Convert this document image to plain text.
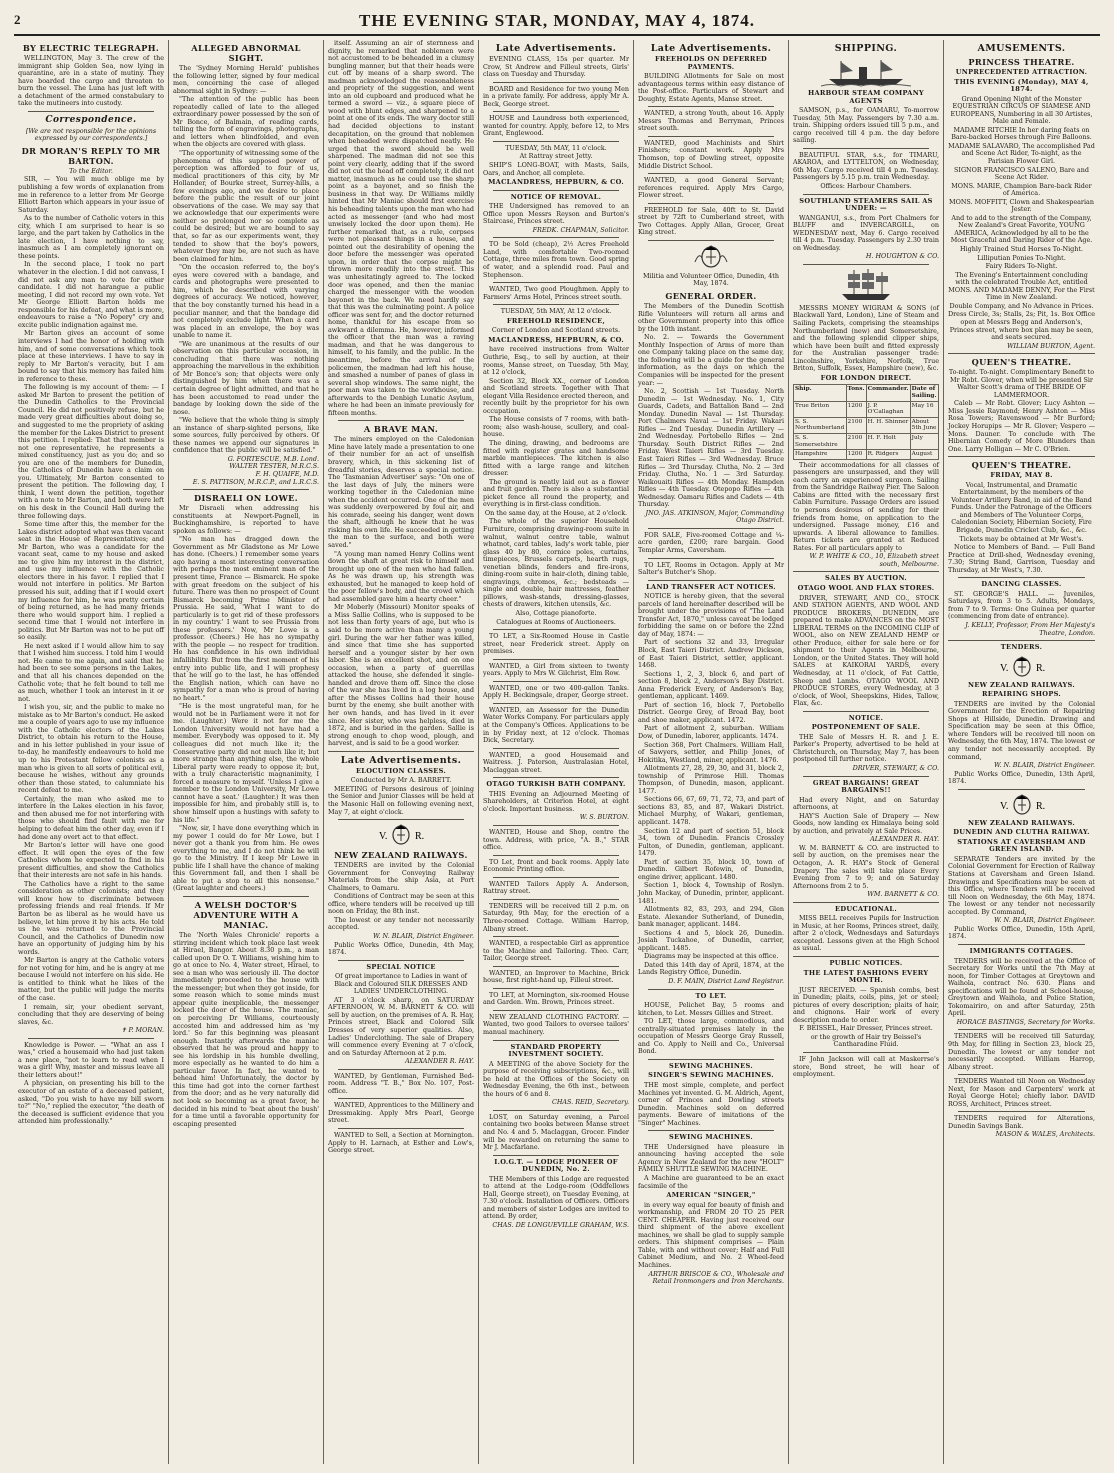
2	THE EVENING STAR, MONDAY, MAY 4, 1874.
BY ELECTRIC TELEGRAPH.

WELLINGTON, May 3. The crew of the immigrant ship Golden Sea, now lying in quarantine, are in a state of mutiny. They have boarded the cargo and threaten to burn the vessel. The Luna has just left with a detachment of the armed constabulary to take the mutineers into custody.

Correspondence.

[We are not responsible for the opinions expressed by our correspondents.]

DR MORAN'S REPLY TO MR BARTON.

To the Editor.

SIR, — You will much oblige me by publishing a few words of explanation from me in reference to a letter from Mr George Elliott Barton which appears in your issue of Saturday.

As to the number of Catholic voters in this city, which I am surprised to hear is so large, and the part taken by Catholics in the late election, I have nothing to say, inasmuch as I am completely ignorant on these points.

In the second place, I took no part whatever in the election. I did not canvass, I did not ask any man to vote for either candidate. I did not harangue a public meeting, I did not record my own vote. Yet Mr George Elliott Barton holds me responsible for his defeat, and what is more, endeavours to raise a "No Popery" cry and excite public indignation against me.

Mr Barton gives an account of some interviews I had the honor of holding with him, and of some conversations which took place at these interviews. I have to say in reply to Mr Barton's veracity, but I am bound to say that his memory has failed him in reference to these.

The following is my account of them: — I asked Mr Barton to present the petition of the Dunedin Catholics to the Provincial Council. He did not positively refuse, but he made very great difficulties about doing so, and suggested to me the propriety of asking the member for the Lakes District to present this petition. I replied: That that member is not one representative, he represents a mixed constituency, just as you do; and so you are one of the members for Dunedin, the Catholics of Dunedin have a claim on you. Ultimately, Mr Barton consented to present the petition. The following day, I think, I went down the petition, together with a note to Mr Barton, and both were left on his desk in the Council Hall during the three following days.

Some time after this, the member for the Lakes district adopted what was then vacant seat in the House of Representatives; and Mr Barton, who was a candidate for the vacant seat, came to my house and asked me to give him my interest in the district, and use my influence with the Catholic electors there in his favor. I replied that I would not interfere in politics. Mr Barton pressed his suit, adding that if I would exert my influence for him, he was pretty certain of being returned, as he had many friends there who would support him. I replied a second time that I would not interfere in politics. But Mr Barton was not to be put off so easily.

He next asked if I would allow him to say that I wished him success. I told him I would not. He came to me again, and said that he had been to see some persons in the Lakes, and that all his chances depended on the Catholic vote; that he felt bound to tell me as much, whether I took an interest in it or not.

I wish you, sir, and the public to make no mistake as to Mr Barton's conduct. He asked me a couple of years ago to use my influence with the Catholic electors of the Lakes District, to obtain his return to the House, and in his letter published in your issue of to-day, he manifestly endeavours to hold me up to his Protestant fellow colonists as a man who is given to all sorts of political evil, because he wishes, without any grounds other than those stated, to calumniate his recent defeat to me.

Certainly, the man who asked me to interfere in the Lakes election in his favor, and then abused me for not interfering with those who should find fault with me for helping to defeat him the other day, even if I had done any overt act to that effect.

Mr Barton's letter will have one good effect. It will open the eyes of the few Catholics whom he expected to find in his present difficulties, and show the Catholics that their interests are not safe in his hands.

The Catholics have a right to the same consideration as other colonists; and they will know how to discriminate between professing friends and real friends. If Mr Barton be as liberal as he would have us believe, let him prove it by his acts. He told us he was returned to the Provincial Council, and the Catholics of Dunedin now have an opportunity of judging him by his words.

Mr Barton is angry at the Catholic voters for not voting for him, and he is angry at me because I would not interfere on his side. He is entitled to think what he likes of the matter, but the public will judge the merits of the case.

I remain, sir, your obedient servant, concluding that they are deserving of being slaves, &c.

✝ P. MORAN.

Knowledge is Power. — "What an ass I was," cried a housemaid who had just taken a new place, "not to learn to read when I was a girl! Why, master and missus leave all their letters about!"

A physician, on presenting his bill to the executor of an estate of a deceased patient, asked, "Do you wish to have my bill sworn to?" "No," replied the executor, "the death of the deceased is sufficient evidence that you attended him professionally."

ALLEGED ABNORMAL SIGHT.

The 'Sydney Morning Herald' publishes the following letter, signed by four medical men, concerning the case of alleged abnormal sight in Sydney: —

"The attention of the public has been repeatedly called of late to the alleged extraordinary power possessed by the son of Mr Bonce, of Balmain, of reading cards, telling the form of engravings, photographs, and letters when blindfolded, and even when the objects are covered with glass.

"The opportunity of witnessing some of the phenomena of this supposed power of perception was afforded to four of us, medical practitioners of this city, by Mr Hollander, of Bourke street, Surrey-hills, a few evenings ago, and we desire to place before the public the result of our joint observations of the case. We may say that we acknowledge that our experiments were neither so prolonged nor so complete as could be desired; but we are bound to say that, so far as our experiments went, they tended to show that the boy's powers, whatever they may be, are not such as have been claimed for him.

"On the occasion referred to, the boy's eyes were covered with a bandage, and cards and photographs were presented to him, which he described with varying degrees of accuracy. We noticed, however, that the boy constantly turned his head in a peculiar manner, and that the bandage did not completely exclude light. When a card was placed in an envelope, the boy was unable to name it.

"We are unanimous at the results of our observation on this particular occasion, in concluding that there was nothing approaching the marvellous in the exhibition of Mr Bonce's son; that objects were only distinguished by him when there was a certain degree of light admitted, and that he has been accustomed to read under the bandage by looking down the side of the nose.

"We believe that the whole thing is simply an instance of sharp-sighted persons, like some sources, fully perceived by others. Of these names we append our signatures in confidence that the public will be satisfied."

G. FORTESCUE, M.B. Lond.
WALTER TESTER, M.R.C.S.
F. H. QUAIFE, M.D.
E. S. PATTISON, M.R.C.P., and L.R.C.S.

DISRAELI ON LOWE.

Mr Disraeli when addressing his constituents at Newport-Pagnell, in Buckinghamshire, is reported to have spoken as follows: —

"No man has dragged down the Government as Mr Gladstone as Mr Lowe has done. (Cheers.) I remember some years ago having a most interesting conversation with perhaps the most eminent man of the present time, France — Bismarck. He spoke with great freedom on the subject of his future. There was then no prospect of Count Bismarck becoming Prime Minister of Prussia. He said, 'What I want to do particularly is to get rid of these professors in my country.' I want to see Prussia from these professors.' Now, Mr Lowe is a professor. (Cheers.) He has no sympathy with the people — no respect for tradition. He has confidence in his own individual infallibility. But from the first moment of his entry into public life, and I will prophesy that he will go to the last, he has offended the English nation, which can have no sympathy for a man who is proud of having no heart."

"He is the most ungrateful man, for he would not be in Parliament were it not for me. (Laughter.) Were it not for me the London University would not have had a member. Everybody was opposed to it. My colleagues did not much like it; the Conservative party did not much like it; but more strange than anything else, the whole Liberal party were ready to oppose it; but, with a truly characteristic magnanimity, I forced a measure to myself. 'Unless I give a member to the London University, Mr Lowe cannot have a seat.' (Laughter.) It was then impossible for him, and probably still is, to show himself upon a hustings with safety to his life."

"Now, sir, I have done everything which in my power I could do for Mr Lowe, but I never got a thank you from him. He owes everything to me, and I do not think he will go to the Ministry. If I keep Mr Lowe in public life I shall have the chance of making this Government fall, and then I shall be able to put a stop to all this nonsense." (Great laughter and cheers.)

A WELSH DOCTOR'S ADVENTURE WITH A MANIAC.

The 'North Wales Chronicle' reports a stirring incident which took place last week at Hirael, Bangor. About 8.30 p.m., a man called upon Dr O. T. Williams, wishing him to go at once to No. 4, Water street, Hirael, to see a man who was seriously ill. The doctor immediately proceeded to the house with the messenger; but when they got inside, for some reason which to some minds must appear quite inexplicable, the messenger locked the door of the house. The maniac, on perceiving Dr Williams, courteously accosted him and addressed him as 'my lord.' So far this beginning was pleasant enough. Instantly afterwards the maniac observed that he was proud and happy to see his lordship in his humble dwelling, more especially as he wanted to do him a particular favor. In fact, he wanted to behead him! Unfortunately, the doctor by this time had got into the corner farthest from the door; and as he very naturally did not look so becoming as a great favor, he decided in his mind to 'beat about the bush' for a time until a favorable opportunity for escaping presented

itself. Assuming an air of sternness and dignity, he remarked that noblemen were not accustomed to be beheaded in a clumsy bungling manner, but that their heads were cut off by means of a sharp sword. The madman acknowledged the reasonableness and propriety of the suggestion, and went into an old cupboard and produced what he termed a sword — viz., a square piece of wood with blunt edges, and sharpened to a point at one of its ends. The wary doctor still had decided objections to instant decapitation, on the ground that noblemen when beheaded were dispatched neatly. He urged that the sword should be well sharpened. The madman did not see this point very clearly, adding that if the sword did not cut the head off completely, it did not matter, inasmuch as he could use the sharp point as a bayonet, and so finish the business in that way. Dr Williams mildly hinted that Mr Maniac should first exercise his beheading talents upon the man who had acted as messenger (and who had most unwisely locked the door upon them). He further remarked that, as a rule, corpses were not pleasant things in a house, and pointed out the desirability of opening the door before the messenger was operated upon, in order that the corpse might be thrown more readily into the street. This was unhesitatingly agreed to. The locked door was opened, and then the maniac charged the messenger with the wooden bayonet in the back. We need hardly say that this was the culminating point. A police officer was sent for, and the doctor returned home, thankful for his escape from so awkward a dilemma. He, however, informed the officer that the man was a raving madman, and that he was dangerous to himself, to his family, and the public. In the meantime, before the arrival of the policemen, the madman had left his house, and smashed a number of panes of glass in several shop windows. The same night, the poor man was taken to the workhouse, and afterwards to the Denbigh Lunatic Asylum, where he had been an inmate previously for fifteen months.

A BRAVE MAN.

The miners employed on the Caledonian Mine have lately made a presentation to one of their number for an act of unselfish bravery, which, in this sickening list of dreadful stories, deserves a special notice. The 'Tasmanian Advertiser' says: "On one of the last days of July, the miners were working together in the Caledonian mine when the accident occurred. One of the men was suddenly overpowered by foul air, and his comrade, seeing his danger, went down the shaft, although he knew that he was risking his own life. He succeeded in getting the man to the surface, and both were saved."

"A young man named Henry Collins went down the shaft at great risk to himself and brought up one of the men who had fallen. As he was drawn up, his strength was exhausted, but he managed to keep hold of the poor fellow's body, and the crowd which had assembled gave him a hearty cheer."

Mr Moberly (Missouri) Monitor speaks of a Miss Sallie Collins, who is supposed to be not less than forty years of age, but who is said to be more active than many a young girl. During the war her father was killed, and since that time she has supported herself and a younger sister by her own labor. She is an excellent shot, and on one occasion, when a party of guerrillas attacked the house, she defended it single-handed and drove them off. Since the close of the war she has lived in a log house, and after the Misses Collins had their house burnt by the enemy, she built another with her own hands, and has lived in it ever since. Her sister, who was helpless, died in 1872, and is buried in the garden. Sallie is strong enough to chop wood, plough, and harvest, and is said to be a good worker.

Late Advertisements.
ELOCUTION CLASSES.

Conducted by Mr A. BARRETT.

MEETING of Persons desirous of joining the Senior and Junior Classes will be held at the Masonic Hall on following evening next, May 7, at eight o'clock.

V.	R.
NEW ZEALAND RAILWAYS.

TENDERS are invited by the Colonial Government for Conveying Railway Materials from the ship Asia, at Port Chalmers, to Oamaru.

Conditions of Contract may be seen at this office, where tenders will be received up till noon on Friday, the 8th inst.

The lowest or any tender not necessarily accepted.

W. N. BLAIR, District Engineer.

Public Works Office, Dunedin, 4th May, 1874.

SPECIAL NOTICE

Of great importance to Ladies in want of Black and Coloured SILK DRESSES AND LADIES' UNDERCLOTHING.

AT 3 o'clock sharp, on SATURDAY AFTERNOON, W. M. BARNETT & CO. will sell by auction, on the premises of A. R. Hay, Princes street, Black and Colored Silk Dresses of very superior qualities. Also, Ladies' Underclothing. The sale of Drapery will commence every Evening at 7 o'clock, and on Saturday Afternoon at 2 p.m.

ALEXANDER R. HAY.

WANTED, by Gentleman, Furnished Bed-room. Address "T. B.," Box No. 107, Post-office.

WANTED, Apprentices to the Millinery and Dressmaking. Apply Mrs Pearl, George street.

WANTED to Sell, a Section at Mornington. Apply to H. Larnach, at Esther and Low's, George street.

Late Advertisements.

EVENING CLASS, 15s per quarter. Mr Crow, St Andrew and Filleul streets, Girls' class on Tuesday and Thursday.

BOARD and Residence for two young Men in a private family. For address, apply Mr A. Beck, George street.

HOUSE and Laundress both experienced, wanted for country. Apply, before 12, to Mrs Grant, Englewood.

TUESDAY, 5th MAY, 11 o'clock.

At Rattray street Jetty.

SHIP'S LONG-BOAT, with Masts, Sails, Oars, and Anchor, all complete.

MACLANDRESS, HEPBURN, & CO.
NOTICE OF REMOVAL.

THE Undersigned has removed to an Office upon Messrs Reyson and Burton's Staircase, Princes street.

FREDK. CHAPMAN, Solicitor.

TO be Sold (cheap), 2½ Acres Freehold Land, with comfortable Two-roomed Cottage, three miles from town. Good spring of water, and a splendid road. Paul and Stephenson.

WANTED, Two good Ploughmen. Apply to Farmers' Arms Hotel, Princes street south.

TUESDAY, 5th MAY, At 12 o'clock.

FREEHOLD RESIDENCE,

Corner of London and Scotland streets.

MACLANDRESS, HEPBURN, & CO.

have received instructions from Walter Guthrie, Esq., to sell by auction, at their rooms, Manse street, on Tuesday, 5th May, at 12 o'clock,

Section 32, Block XX., corner of London and Scotland streets. Together with That elegant Villa Residence erected thereon, and recently built by the proprietor for his own occupation.

The House consists of 7 rooms, with bath-room; also wash-house, scullery, and coal-house.

The dining, drawing, and bedrooms are fitted with register grates and handsome marble mantlepieces. The kitchen is also fitted with a large range and kitchen dresser.

The ground is neatly laid out as a flower and fruit garden. There is also a substantial picket fence all round the property, and everything is in first-class condition.

On the same day, at the House, at 2 o'clock.

The whole of the superior Household Furniture, comprising drawing-room suite in walnut, walnut centre table, walnut whatnot, card tables, lady's work table, pier glass 40 by 80, cornice poles, curtains, timepieces, Brussels carpets, hearth rugs, venetian blinds, fenders and fire-irons, dining-room suite in hair-cloth, dining table, engravings, chromos, &c.; bedsteads — single and double, hair mattresses, feather pillows, wash-stands, dressing-glasses, chests of drawers, kitchen utensils, &c.

Also, Cottage pianoforte.

Catalogues at Rooms of Auctioneers.

TO LET, a Six-Roomed House in Castle street, near Frederick street. Apply on premises.

WANTED, a Girl from sixteen to twenty years. Apply to Mrs W. Gilchrist, Elm Row.

WANTED, one or two 400-gallon Tanks. Apply H. Beckingsale, draper, George street.

WANTED, an Assessor for the Dunedin Water Works Company. For particulars apply at the Company's Offices. Applications to be in by Friday next, at 12 o'clock. Thomas Dick, Secretary.

WANTED, a good Housemaid and Waitress. J. Paterson, Australasian Hotel, Maclaggan street.

OTAGO TURKISH BATH COMPANY.

THIS Evening an Adjourned Meeting of Shareholders, at Criterion Hotel, at eight o'clock. Important business.

W. S. BURTON.

WANTED, House and Shop, centre the town. Address, with price, "A. B.," STAR office.

TO Let, front and back rooms. Apply late Economic Printing office.

WANTED Tailors Apply A. Anderson, Rattray street.

TENDERS will be received till 2 p.m. on Saturday, 9th May, for the erection of a Three-roomed Cottage. William Harrop, Albany street.

WANTED, a respectable Girl as apprentice to the Machine and Tailoring. Theo. Carr, Tailor, George street.

WANTED, an Improver to Machine, Brick house, first right-hand up, Filleul street.

TO LET, at Mornington, six-roomed House and Garden. Wm. Brown, Princes street.

NEW ZEALAND CLOTHING FACTORY. — Wanted, two good Tailors to oversee tailors' manual machinery.

STANDARD PROPERTY INVESTMENT SOCIETY.

A MEETING of the above Society for the purpose of receiving subscriptions, &c., will be held at the Offices of the Society on Wednesday Evening, the 6th inst., between the hours of 6 and 8.

CHAS. REID, Secretary.

LOST, on Saturday evening, a Parcel containing two books between Manse street and No. 4 and 5. Maclaggan, Grocer. Finder will be rewarded on returning the same to Mr J. Macfarlane.

I.O.G.T. — LODGE PIONEER OF DUNEDIN, No. 2.

THE Members of this Lodge are requested to attend at the Lodge-room (Oddfellows Hall, George street), on Tuesday Evening, at 7.30 o'clock. Installation of Officers. Officers and members of sister Lodges are invited to attend. By order,

CHAS. DE LONGUEVILLE GRAHAM, W.S.

Late Advertisements.
FREEHOLDS ON DEFERRED PAYMENTS.

BUILDING Allotments for Sale on most advantageous terms within easy distance of the Post-office. Particulars of Stewart and Doughty, Estate Agents, Manse street.

WANTED, a strong Youth, about 16. Apply Messrs Thomas and Berryman, Princes street south.

WANTED, good Machinists and Shirt Finishers; constant work. Apply Mrs Thomson, top of Dowling street, opposite Middle District School.

WANTED, a good General Servant; references required. Apply Mrs Cargo, Flower street.

FREEHOLD for Sale, 40ft to St. David street by 72ft to Cumberland street, with Two Cottages. Apply Allan, Grocer, Great King street.

Militia and Volunteer Office, Dunedin, 4th May, 1874.

GENERAL ORDER.

The Members of the Dunedin Scottish Rifle Volunteers will return all arms and other Government property into this office by the 10th instant.

No. 2. — Towards the Government Monthly Inspection of Arms of more than one Company taking place on the same day, the following will be a guide for the general information, as the days on which the Companies will be inspected for the present year: —

No. 2, Scottish — 1st Tuesday. North Dunedin — 1st Wednesday. No. 1, City Guards, Cadets, and Battalion Band — 2nd Monday. Dunedin Naval — 1st Thursday. Port Chalmers Naval — 1st Friday. Wakari Rifles — 2nd Tuesday. Dunedin Artillery — 2nd Wednesday. Portobello Rifles — 2nd Thursday. South District Rifles — 2nd Friday. West Taieri Rifles — 3rd Tuesday. East Taieri Rifles — 3rd Wednesday. Bruce Rifles — 3rd Thursday. Clutha, No. 2 — 3rd Friday. Clutha, No. 1 — 3rd Saturday. Waikouaiti Rifles — 4th Monday. Hampden Rifles — 4th Tuesday. Otepopo Rifles — 4th Wednesday. Oamaru Rifles and Cadets — 4th Thursday.

JNO. JAS. ATKINSON, Major, Commanding Otago District.

FOR SALE, Five-roomed Cottage and ¼-acre garden, £200; rare bargain. Good Templar Arms, Caversham.

TO LET, Rooms in Octagon. Apply at Mr Salter's Butcher's Shop.

LAND TRANSFER ACT NOTICES.

NOTICE is hereby given, that the several parcels of land hereinafter described will be brought under the provisions of "The Land Transfer Act, 1870," unless caveat be lodged forbidding the same on or before the 22nd day of May, 1874: —

Part of sections 32 and 33, Irregular Block, East Taieri District. Andrew Dickson, of East Taieri District, settler, applicant. 1468.

Sections 1, 2, 3, block 6, and part of section 8, block 2, Anderson's Bay District. Anna Frederick Every, of Anderson's Bay, gentleman, applicant. 1469.

Part of section 16, block 7, Portobello District. George Grey, of Broad Bay, boot and shoe maker, applicant. 1472.

Part of allotment 2, suburban. William Dow, of Dunedin, laborer, applicants. 1474.

Section 368, Port Chalmers. William Hall, of Sawyers, settler, and Philip Jones, of Hokitika, Westland, miner, applicant. 1476.

Allotments 27, 28, 29, 30, and 31, block 2, township of Primrose Hill. Thomas Thompson, of Dunedin, mason, applicant. 1477.

Sections 66, 67, 69, 71, 72, 73, and part of sections 83, 85, and 87, Wakari District. Michael Murphy, of Wakari, gentleman, applicant. 1478.

Section 12 and part of section 51, block 34, town of Dunedin. Francis Crossley Fulton, of Dunedin, gentleman, applicant. 1479.

Part of section 35, block 10, town of Dunedin. Gilbert Rofewin, of Dunedin, engine driver, applicant. 1480.

Section 1, block 4, Township of Roslyn. John Mackay, of Dunedin, printer, applicant. 1481.

Allotments 82, 83, 293, and 294, Glen Estate. Alexander Sutherland, of Dunedin, bank manager, applicant. 1484.

Sections 4 and 5, block 26, Dunedin. Josiah Tuckahoe, of Dunedin, carrier, applicant. 1485.

Diagrams may be inspected at this office.

Dated this 14th day of April, 1874, at the Lands Registry Office, Dunedin.

D. F. MAIN, District Land Registrar.

TO LET.

HOUSE, Pelichet Bay, 5 rooms and kitchen, to Let. Messrs Gillies and Street.

TO LET, those large, commodious, and centrally-situated premises lately in the occupation of Messrs George Gray Russell, and Co. Apply to Neill and Co., Universal Bond.

SEWING MACHINES.
SINGER'S SEWING MACHINES.

THE most simple, complete, and perfect Machines yet invented. G. M. Aldrich, Agent, corner of Princes and Dowling streets Dunedin. Machines sold on deferred payments. Beware of imitations of the "Singer" Machines.

SEWING MACHINES.

THE Undersigned have pleasure in announcing having accepted the sole Agency in New Zealand for the new "HOLT" FAMILY SHUTTLE SEWING MACHINE.

A Machine are guaranteed to be an exact facsimile of the

AMERICAN "SINGER,"

in every way equal for beauty of finish and workmanship, and FROM 20 TO 25 PER CENT. CHEAPER. Having just received our third shipment of the above excellent machines, we shall be glad to supply sample orders. This shipment comprises — Plain Table, with and without cover; Half and Full Cabinet Medium, and No. 2 Wheel-feed Machines.

ARTHUR BRISCOE & CO., Wholesale and Retail Ironmongers and Iron Merchants.

SHIPPING.
HARBOUR STEAM COMPANY AGENTS

SAMSON, p.s., for OAMARU, To-morrow Tuesday, 5th May. Passengers by 7.30 a.m. train. Shipping orders issued till 5 p.m., and cargo received till 4 p.m. the day before sailing.

BEAUTIFUL STAR, s.s., for TIMARU, AKAROA, and LYTTELTON, on Wednesday, 6th May. Cargo received till 4 p.m. Tuesday. Passengers by 5.15 p.m. train Wednesday.

Offices: Harbour Chambers.

SOUTHLAND STEAMERS SAIL AS UNDER: —

WANGANUI, s.s., from Port Chalmers for BLUFF and INVERCARGILL, on WEDNESDAY next, May 6. Cargo received till 4 p.m. Tuesday. Passengers by 2.30 train on Wednesday.

H. HOUGHTON & CO.

MESSRS MONEY WIGRAM & SONS (of Blackwall Yard, London), Line of Steam and Sailing Packets, comprising the steamships Northumberland (new) and Somersetshire, and the following splendid clipper ships, which have been built and fitted expressly for the Australian passenger trade: Lincolnshire, Yorkshire, Norfolk, True Briton, Suffolk, Essex, Hampshire (new), &c.

FOR LONDON DIRECT.
Ship.	Tons.	Commander.	Date of Sailing.
True Briton	1200	J. P. O'Callaghan	May 16
S. S. Northumberland	2100	H. H. Shinner	About 5th June
S. S. Somersetshire	2100	H. F. Holt	July
Hampshire	1200	R. Ridgers	August

Their accommodations for all classes of passengers are unsurpassed, and they will each carry an experienced surgeon. Sailing from the Sandridge Railway Pier. The Saloon Cabins are fitted with the necessary first Cabin Furniture. Passage Orders are issued to persons desirous of sending for their friends from home, on application to the undersigned. Passage money, £16 and upwards. A liberal allowance to families. Return tickets are granted at Reduced Rates. For all particulars apply to

W. P. WHITE & CO., 10, Elizabeth street south, Melbourne.

SALES BY AUCTION.
OTAGO WOOL AND FLAX STORES.

DRIVER, STEWART, AND CO., STOCK AND STATION AGENTS, AND WOOL AND PRODUCE BROKERS, DUNEDIN, are prepared to make ADVANCES on the MOST LIBERAL TERMS on the INCOMING CLIP of WOOL, also on NEW ZEALAND HEMP or other Produce, either for sale here or for shipment to their Agents in Melbourne, London, or the United States. They will hold SALES at KAIKORAI YARDS, every Wednesday, at 11 o'clock, of Fat Cattle, Sheep and Lambs. OTAGO WOOL AND PRODUCE STORES, every Wednesday, at 3 o'clock, of Wool, Sheepskins, Hides, Tallow, Flax, &c.

NOTICE.
POSTPONEMENT OF SALE.

THE Sale of Messrs H. R. and J. E. Parker's Property, advertised to be held at Christchurch, on Thursday, May 7, has been postponed till further notice.

DRIVER, STEWART, & CO.

GREAT BARGAINS! GREAT BARGAINS!!

Had every Night, and on Saturday afternoons, at

HAY'S Auction Sale of Drapery — New Goods, now landing ex Himalaya being sold by auction, and privately at Sale Prices.

ALEXANDER R. HAY.

W. M. BARNETT & CO. are instructed to sell by auction, on the premises near the Octagon, A. R. HAY's Stock of General Drapery. The sales will take place Every Evening from 7 to 9; and on Saturday Afternoons from 2 to 5.

WM. BARNETT & CO.

EDUCATIONAL.

MISS BELL receives Pupils for Instruction in Music, at her Rooms, Princes street, daily, after 2 o'clock, Wednesdays and Saturdays excepted. Lessons given at the High School as usual.

PUBLIC NOTICES.
THE LATEST FASHIONS EVERY MONTH.

JUST RECEIVED. — Spanish combs, best in Dunedin; plaits, coils, pins, jet or steel; pictures of every description; plaits of hair, and chignons. Hair work of every description made to order.

F. BEISSEL, Hair Dresser, Princes street.

or the growth of Hair try Beissel's Cantharadine Fluid.

IF John Jackson will call at Maskerrse's store, Bond street, he will hear of employment.

AMUSEMENTS.
PRINCESS THEATRE.
UNPRECEDENTED ATTRACTION.
THIS EVENING (Monday), MAY 4, 1874.

Grand Opening Night of the Monster EQUESTRIAN CIRCUS OF SIAMESE AND EUROPEANS, Numbering in all 30 Artistes, Male and Female.

MADAME RITCHIE In her daring feats on Bare-backed Horses through Fire Balloons.

MADAME SALAVARO, The accomplished Pad and Scene Act Rider, To-night, as the Parisian Flower Girl.

SIGNOR FRANCISCO SALENO, Bare and Scene Act Rider.

MONS. MARIE, Champion Bare-back Rider of America.

MONS. MOFFITT, Clown and Shakespearian Jester.

And to add to the strength of the Company, New Zealand's Great Favorite, YOUNG AMERICA, Acknowledged by all to be the Most Graceful and Daring Rider of the Age.

Highly Trained Stud Horses To-Night.

Lilliputian Ponies To-Night.

Fairy Riders To-Night.

The Evening's Entertainment concluding with the celebrated Trouble Act, entitled MONS. AND MADAME DENNY, For the First Time in New Zealand.

Double Company, and No Advance in Prices.

Dress Circle, 3s; Stalls, 2s; Pit, 1s. Box Office open at Messrs Begg and Anderson's, Princes street, where box plan may be seen, and seats secured.

WILLIAM BURTON, Agent.

QUEEN'S THEATRE.

To-night. To-night. Complimentary Benefit to Mr Robt. Glover, when will be presented Sir Walter Scott's drama of THE BRIDE OF LAMMERMOOR.

Caleb — Mr Robt. Glover; Lucy Ashton — Miss Jessie Raymond; Henry Ashton — Miss Rosa Towers; Ravenswood — Mr Burford; Jockey Horupips — Mr R. Glover; Vespero — Mons. Dauner. To conclude with The Hibernian Comedy of More Blunders than One. Larry Holligan — Mr C. O'Brien.

QUEEN'S THEATRE.
FRIDAY, MAY 8.

Vocal, Instrumental, and Dramatic Entertainment, by the members of the Volunteer Artillery Band, in aid of the Band Funds. Under the Patronage of the Officers and Members of The Volunteer Corps, Caledonian Society, Hibernian Society, Fire Brigade, Dunedin Cricket Club, &c., &c.

Tickets may be obtained at Mr West's.

Notice to Members of Band. — Full Band Practice at Drill-shed, Wednesday evening, 7.30; String Band, Garrison, Tuesday and Thursday, at Mr West's, 7.30.

DANCING CLASSES.

ST. GEORGE'S HALL. — Juveniles, Saturdays, from 3 to 5. Adults, Mondays, from 7 to 9. Terms: One Guinea per quarter (commencing from date of entrance).

J. KELLY, Professor, From Her Majesty's Theatre, London.

TENDERS.
V.	R.
NEW ZEALAND RAILWAYS.
REPAIRING SHOPS.

TENDERS are invited by the Colonial Government for the Erection of Repairing Shops at Hillside, Dunedin. Drawing and Specification may be seen at this Office, where Tenders will be received till noon on Wednesday, the 6th May, 1874. The lowest or any tender not necessarily accepted. By command,

W. N. BLAIR, District Engineer.

Public Works Office, Dunedin, 13th April, 1874.

V.	R.
NEW ZEALAND RAILWAYS.
DUNEDIN AND CLUTHA RAILWAY.
STATIONS AT CAVERSHAM AND GREEN ISLAND.

SEPARATE Tenders are invited by the Colonial Government for Erection of Railway Stations at Caversham and Green Island. Drawings and Specifications may be seen at this Office, where Tenders will be received till Noon on Wednesday, the 6th May, 1874. The lowest or any tender not necessarily accepted. By Command,

W. N. BLAIR, District Engineer.

Public Works Office, Dunedin, 15th April, 1874.

IMMIGRANTS COTTAGES.

TENDERS will be received at the Office of Secretary for Works until the 7th May at noon, for Timber Cottages at Greytown and Waihola, contract No. 630. Plans and specifications will be found at School-house, Greytown and Waihola, and Police Station, Tokomairiro, on and after Saturday, 25th April.

HORACE BASTINGS, Secretary for Works.

TENDERS will be received till Saturday, 9th May, for filling in Section 23, block 25, Dunedin. The lowest or any tender not necessarily accepted. William Harrop, Albany street.

TENDERS Wanted till Noon on Wednesday Next, for Mason and Carpenters' work at Royal George Hotel; chiefly labor. DAVID ROSS, Architect, Princes street.

TENDERS required for Alterations, Dunedin Savings Bank.

MASON & WALES, Architects.
